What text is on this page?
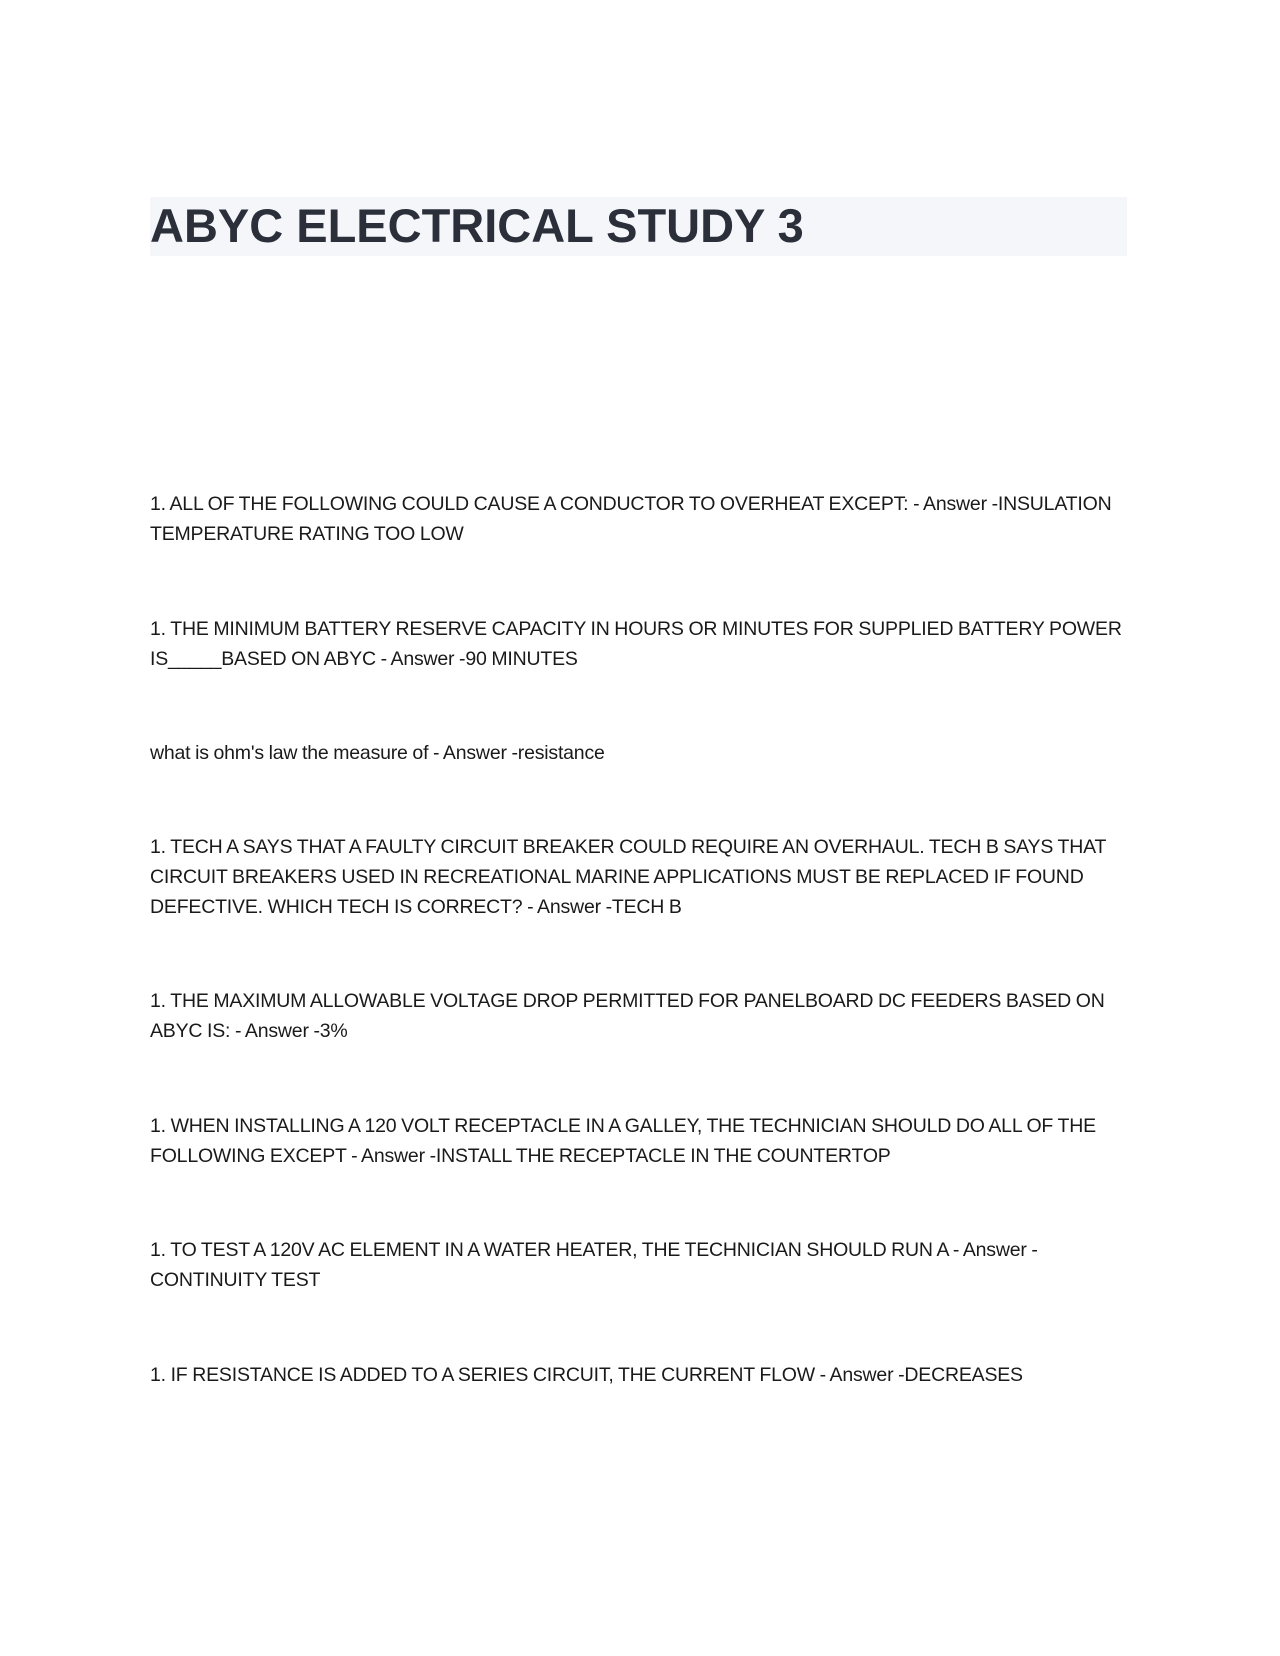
ABYC ELECTRICAL STUDY 3

1. ALL OF THE FOLLOWING COULD CAUSE A CONDUCTOR TO OVERHEAT EXCEPT: - Answer -INSULATION
TEMPERATURE RATING TOO LOW

1. THE MINIMUM BATTERY RESERVE CAPACITY IN HOURS OR MINUTES FOR SUPPLIED BATTERY POWER
IS_____BASED ON ABYC - Answer -90 MINUTES

what is ohm's law the measure of - Answer -resistance

1. TECH A SAYS THAT A FAULTY CIRCUIT BREAKER COULD REQUIRE AN OVERHAUL. TECH B SAYS THAT
CIRCUIT BREAKERS USED IN RECREATIONAL MARINE APPLICATIONS MUST BE REPLACED IF FOUND
DEFECTIVE. WHICH TECH IS CORRECT? - Answer -TECH B

1. THE MAXIMUM ALLOWABLE VOLTAGE DROP PERMITTED FOR PANELBOARD DC FEEDERS BASED ON
ABYC IS: - Answer -3%

1. WHEN INSTALLING A 120 VOLT RECEPTACLE IN A GALLEY, THE TECHNICIAN SHOULD DO ALL OF THE
FOLLOWING EXCEPT - Answer -INSTALL THE RECEPTACLE IN THE COUNTERTOP

1. TO TEST A 120V AC ELEMENT IN A WATER HEATER, THE TECHNICIAN SHOULD RUN A - Answer -
CONTINUITY TEST

1. IF RESISTANCE IS ADDED TO A SERIES CIRCUIT, THE CURRENT FLOW - Answer -DECREASES
